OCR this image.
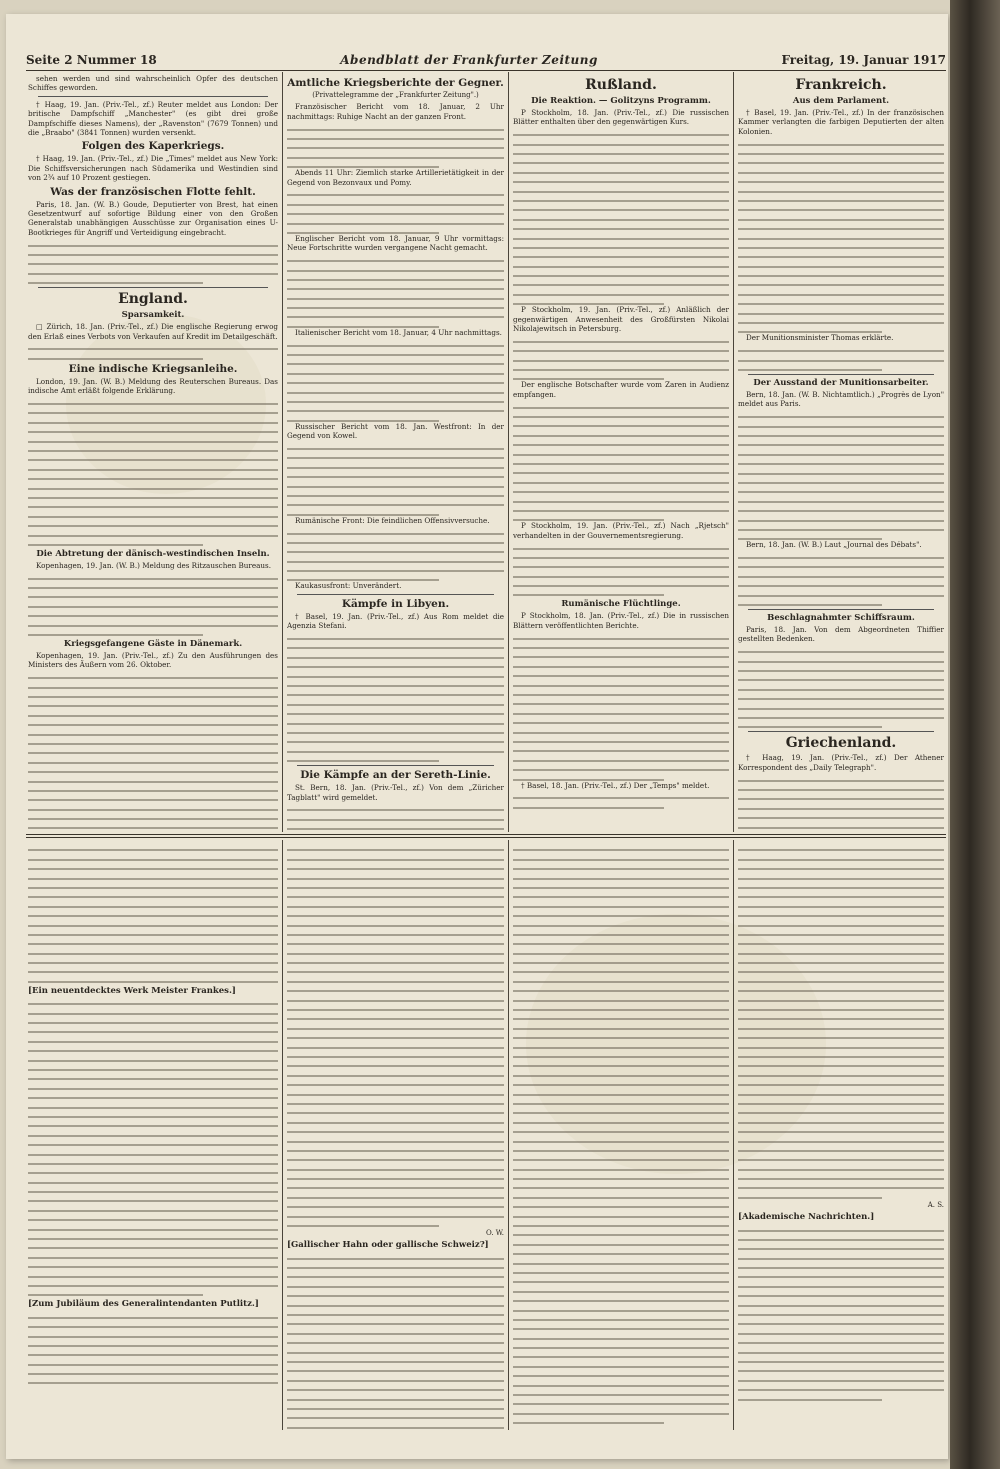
Seite 2 Nummer 18	Abendblatt der Frankfurter Zeitung	Freitag, 19. Januar 1917

sehen werden und sind wahrscheinlich Opfer des deutschen Schiffes geworden.

† Haag, 19. Jan. (Priv.-Tel., zf.) Reuter meldet aus London: Der britische Dampfschiff „Manchester" (es gibt drei große Dampfschiffe dieses Namens), der „Ravenston" (7679 Tonnen) und die „Braabo" (3841 Tonnen) wurden versenkt.

Folgen des Kaperkriegs.

† Haag, 19. Jan. (Priv.-Tel., zf.) Die „Times" meldet aus New York: Die Schiffsversicherungen nach Südamerika und Westindien sind von 2¾ auf 10 Prozent gestiegen.

Was der französischen Flotte fehlt.

Paris, 18. Jan. (W. B.) Goude, Deputierter von Brest, hat einen Gesetzentwurf auf sofortige Bildung einer von den Großen Generalstab unabhängigen Ausschüsse zur Organisation eines U-Bootkrieges für Angriff und Verteidigung eingebracht.

England.
Sparsamkeit.

□ Zürich, 18. Jan. (Priv.-Tel., zf.) Die englische Regierung erwog den Erlaß eines Verbots von Verkaufen auf Kredit im Detailgeschäft.

Eine indische Kriegsanleihe.

London, 19. Jan. (W. B.) Meldung des Reuterschen Bureaus. Das indische Amt erläßt folgende Erklärung.

Die Abtretung der dänisch-westindischen Inseln.

Kopenhagen, 19. Jan. (W. B.) Meldung des Ritzauschen Bureaus.

Kriegsgefangene Gäste in Dänemark.

Kopenhagen, 19. Jan. (Priv.-Tel., zf.) Zu den Ausführungen des Ministers des Äußern vom 26. Oktober.

Amtliche Kriegsberichte der Gegner.
(Privattelegramme der „Frankfurter Zeitung".)

Französischer Bericht vom 18. Januar, 2 Uhr nachmittags: Ruhige Nacht an der ganzen Front.

Abends 11 Uhr: Ziemlich starke Artillerietätigkeit in der Gegend von Bezonvaux und Pomy.

Englischer Bericht vom 18. Januar, 9 Uhr vormittags: Neue Fortschritte wurden vergangene Nacht gemacht.

Italienischer Bericht vom 18. Januar, 4 Uhr nachmittags.

Russischer Bericht vom 18. Jan. Westfront: In der Gegend von Kowel.

Rumänische Front: Die feindlichen Offensivversuche.

Kaukasusfront: Unverändert.

Kämpfe in Libyen.

† Basel, 19. Jan. (Priv.-Tel., zf.) Aus Rom meldet die Agenzia Stefani.

Die Kämpfe an der Sereth-Linie.

St. Bern, 18. Jan. (Priv.-Tel., zf.) Von dem „Züricher Tagblatt" wird gemeldet.

Rußland.
Die Reaktion. — Golitzyns Programm.

P Stockholm, 18. Jan. (Priv.-Tel., zf.) Die russischen Blätter enthalten über den gegenwärtigen Kurs.

P Stockholm, 19. Jan. (Priv.-Tel., zf.) Anläßlich der gegenwärtigen Anwesenheit des Großfürsten Nikolai Nikolajewitsch in Petersburg.

Der englische Botschafter wurde vom Zaren in Audienz empfangen.

P Stockholm, 19. Jan. (Priv.-Tel., zf.) Nach „Rjetsch" verhandelten in der Gouvernementsregierung.

Rumänische Flüchtlinge.

P Stockholm, 18. Jan. (Priv.-Tel., zf.) Die in russischen Blättern veröffentlichten Berichte.

† Basel, 18. Jan. (Priv.-Tel., zf.) Der „Temps" meldet.

Frankreich.
Aus dem Parlament.

† Basel, 19. Jan. (Priv.-Tel., zf.) In der französischen Kammer verlangten die farbigen Deputierten der alten Kolonien.

Der Munitionsminister Thomas erklärte.

Der Ausstand der Munitionsarbeiter.

Bern, 18. Jan. (W. B. Nichtamtlich.) „Progrès de Lyon" meldet aus Paris.

Bern, 18. Jan. (W. B.) Laut „Journal des Débats".

Beschlagnahmter Schiffsraum.

Paris, 18. Jan. Von dem Abgeordneten Thiffier gestellten Bedenken.

Griechenland.

† Haag, 19. Jan. (Priv.-Tel., zf.) Der Athener Korrespondent des „Daily Telegraph".

[Ein neuentdecktes Werk Meister Frankes.]
[Zum Jubiläum des Generalintendanten Putlitz.]
O. W.
[Gallischer Hahn oder gallische Schweiz?]
A. S.
[Akademische Nachrichten.]
